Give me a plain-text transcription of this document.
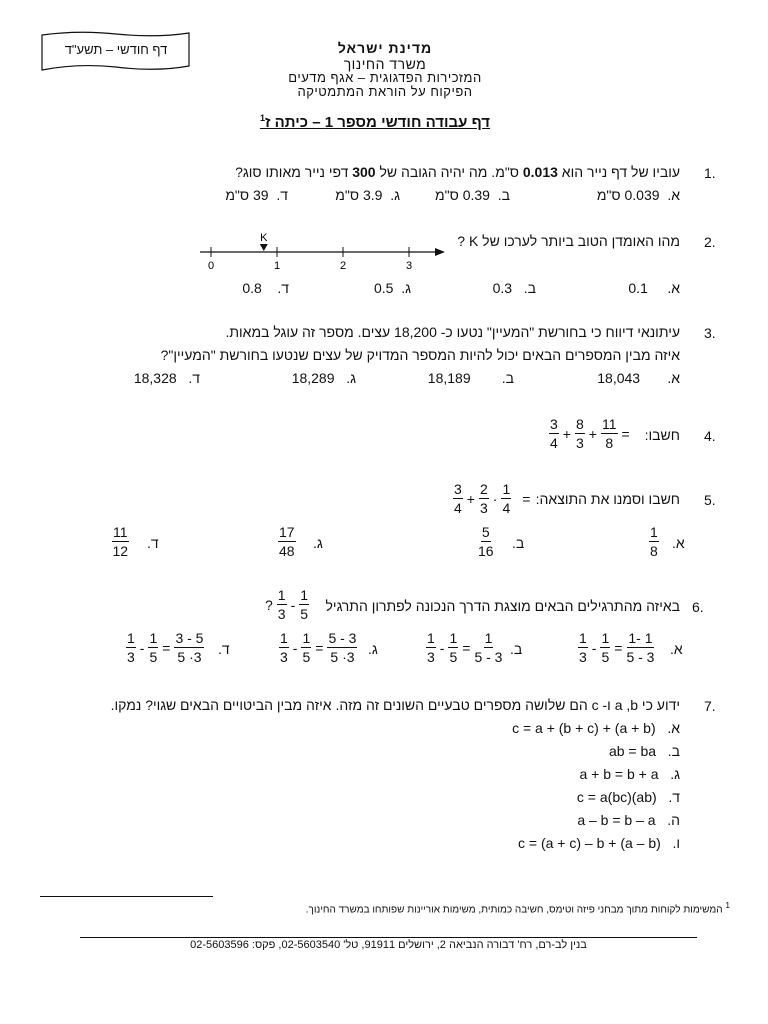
דף חודשי – תשע"ד	מדינת ישראל
משרד החינוך
המזכירות הפדגוגית – אגף מדעים
הפיקוח על הוראת המתמטיקה
דף עבודה חודשי מספר 1 – כיתה ז$^1$
1.
עוביו של דף נייר הוא 0.013 ס"מ. מה יהיה הגובה של 300 דפי נייר מאותו סוג?
א.  0.039 ס"מ
ב.  0.39 ס"מ
ג.  3.9 ס"מ
ד.  39 ס"מ
2.
מהו האומדן הטוב ביותר לערכו של K ?
0	1	2	3
K
א.     0.1
ב.   0.3
ג.  0.5
ד.    0.8
3.
עיתונאי דיווח כי בחורשת "המעיין" נטעו כ- 18,200 עצים. מספר זה עוגל במאות.
איזה מבין המספרים הבאים יכול להיות המספר המדויק של עצים שנטעו בחורשת "המעיין"?
א.       18,043
ב.        18,189
ג.   18,289
ד.   18,328
4.
חשבו:
$\frac{3}{4} + \frac{8}{3} + \frac{11}{8}$ =
5.
חשבו וסמנו את התוצאה:
$\frac{3}{4} + \frac{2}{3} \cdot \frac{1}{4}$ =
א.
$\frac{1}{8}$
ב.
$\frac{5}{16}$
ג.
$\frac{17}{48}$
ד.
$\frac{11}{12}$
6.
באיזה מהתרגילים הבאים מוצגת הדרך הנכונה לפתרון התרגיל
? $\frac{1}{3} - \frac{1}{5}$
א.
$\frac{1}{3} - \frac{1}{5} = \frac{1- 1}{5 - 3}$
ב.
$\frac{1}{3} - \frac{1}{5} = \frac{1}{5 - 3}$
ג.
$\frac{1}{3} - \frac{1}{5} = \frac{5 - 3}{5 \cdot 3}$
ד.
$\frac{1}{3} - \frac{1}{5} = \frac{3 - 5}{5 \cdot 3}$
7.
ידוע כי a ,b ו- c הם שלושה מספרים טבעיים השונים זה מזה. איזה מבין הביטויים הבאים שגוי? נמקו.
א.   c = a + (b + c) + (a + b)
ב.   ab = ba
ג.   a + b = b + a
ד.   c = a(bc)(ab)
ה.   a – b = b – a
ו.   c = (a + c) – b + (a – b)
$^1$ המשימות לקוחות מתוך מבחני פיזה וטימס, חשיבה כמותית, משימות אוריינות שפותחו במשרד החינוך.
בנין לב-רם, רח' דבורה הנביאה 2, ירושלים 91911, טל' 02-5603540, פקס: 02-5603596
